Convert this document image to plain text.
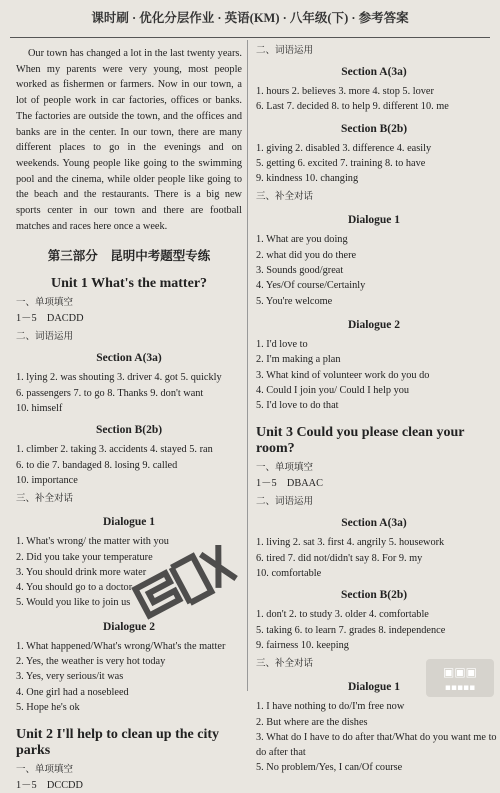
课时刷 · 优化分层作业 · 英语(KM) · 八年级(下) · 参考答案

Our town has changed a lot in the last twenty years. When my parents were very young, most people worked as fishermen or farmers. Now in our town, a lot of people work in car factories, offices or banks. The factories are outside the town, and the offices and banks are in the center. In our town, there are many different places to go in the evenings and on weekends. Young people like going to the swimming pool and the cinema, while older people like going to the beach and the restaurants. There is a big new sports center in our town and there are football matches and races here once a week.

第三部分　昆明中考题型专练
Unit 1 What's the matter?
一、单项填空
1－5　DACDD
二、词语运用
Section A(3a)
1. lying 2. was shouting 3. driver 4. got 5. quickly
6. passengers 7. to go 8. Thanks 9. don't want
10. himself
Section B(2b)
1. climber 2. taking 3. accidents 4. stayed 5. ran
6. to die 7. bandaged 8. losing 9. called
10. importance
三、补全对话
Dialogue 1
1. What's wrong/ the matter with you
2. Did you take your temperature
3. You should drink more water
4. You should go to a doctor
5. Would you like to join us
Dialogue 2
1. What happened/What's wrong/What's the matter
2. Yes, the weather is very hot today
3. Yes, very serious/it was
4. One girl had a nosebleed
5. Hope he's ok
Unit 2 I'll help to clean up the city parks
一、单项填空
1－5　DCCDD
二、词语运用
Section A(3a)
1. hours 2. believes 3. more 4. stop 5. lover
6. Last 7. decided 8. to help 9. different 10. me
Section B(2b)
1. giving 2. disabled 3. difference 4. easily
5. getting 6. excited 7. training 8. to have
9. kindness 10. changing
三、补全对话
Dialogue 1
1. What are you doing
2. what did you do there
3. Sounds good/great
4. Yes/Of course/Certainly
5. You're welcome
Dialogue 2
1. I'd love to
2. I'm making a plan
3. What kind of volunteer work do you do
4. Could I join you/ Could I help you
5. I'd love to do that
Unit 3 Could you please clean your room?
一、单项填空
1－5　DBAAC
二、词语运用
Section A(3a)
1. living 2. sat 3. first 4. angrily 5. housework
6. tired 7. did not/didn't say 8. For 9. my
10. comfortable
Section B(2b)
1. don't 2. to study 3. older 4. comfortable
5. taking 6. to learn 7. grades 8. independence
9. fairness 10. keeping
三、补全对话
Dialogue 1
1. I have nothing to do/I'm free now
2. But where are the dishes
3. What do I have to do after that/What do you want me to
do after that
5. No problem/Yes, I can/Of course
▣▣▣
▪▪▪▪▪
